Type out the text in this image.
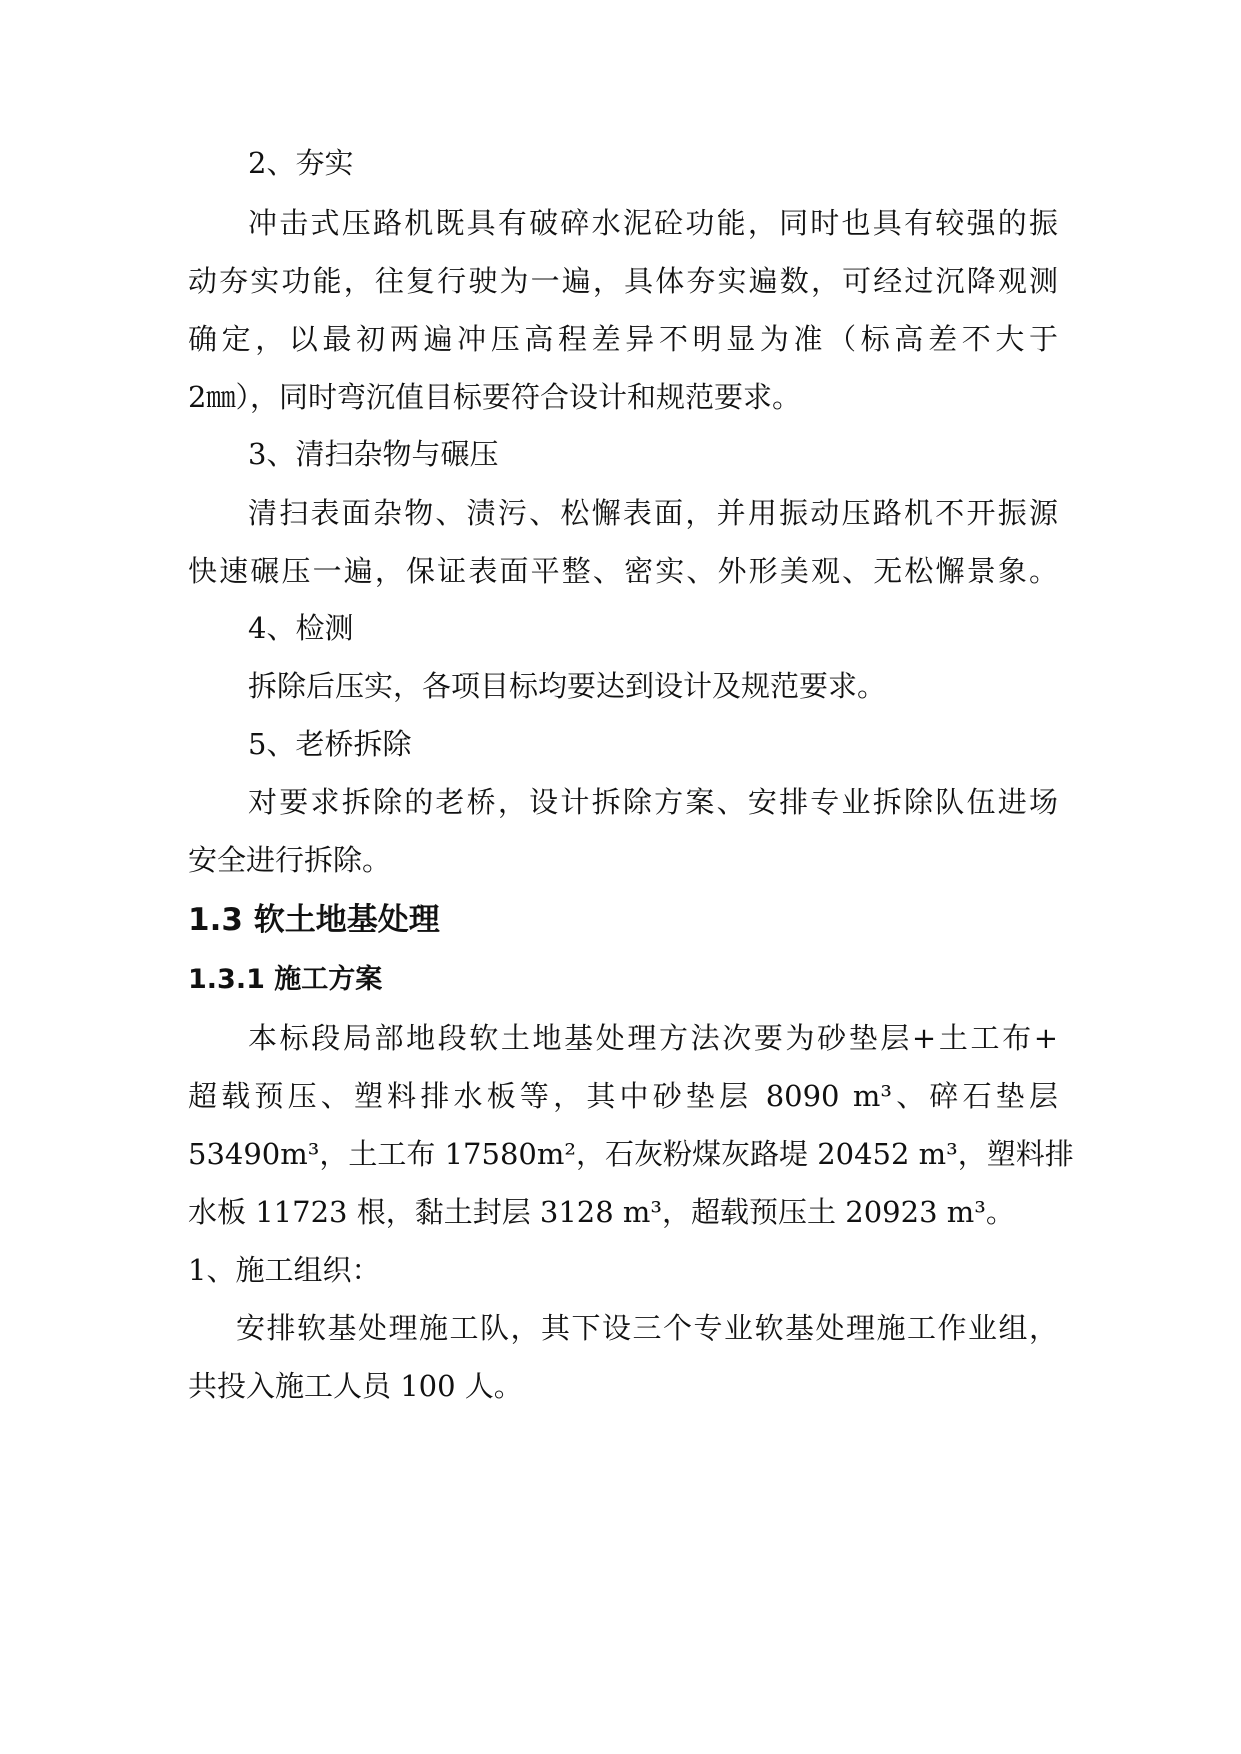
2、夯实
冲击式压路机既具有破碎水泥砼功能，同时也具有较强的振
动夯实功能，往复行驶为一遍，具体夯实遍数，可经过沉降观测
确定，以最初两遍冲压高程差异不明显为准（标高差不大于
2㎜），同时弯沉值目标要符合设计和规范要求。
3、清扫杂物与碾压
清扫表面杂物、渍污、松懈表面，并用振动压路机不开振源
快速碾压一遍，保证表面平整、密实、外形美观、无松懈景象。
4、检测
拆除后压实，各项目标均要达到设计及规范要求。
5、老桥拆除
对要求拆除的老桥，设计拆除方案、安排专业拆除队伍进场
安全进行拆除。
1.3 软土地基处理
1.3.1 施工方案
本标段局部地段软土地基处理方法次要为砂垫层+土工布+
超载预压、塑料排水板等，其中砂垫层 8090 m³、碎石垫层
53490m³，土工布 17580m²，石灰粉煤灰路堤 20452 m³，塑料排
水板 11723 根，黏土封层 3128 m³，超载预压土 20923 m³。
1、施工组织：
安排软基处理施工队，其下设三个专业软基处理施工作业组，
共投入施工人员 100 人。
